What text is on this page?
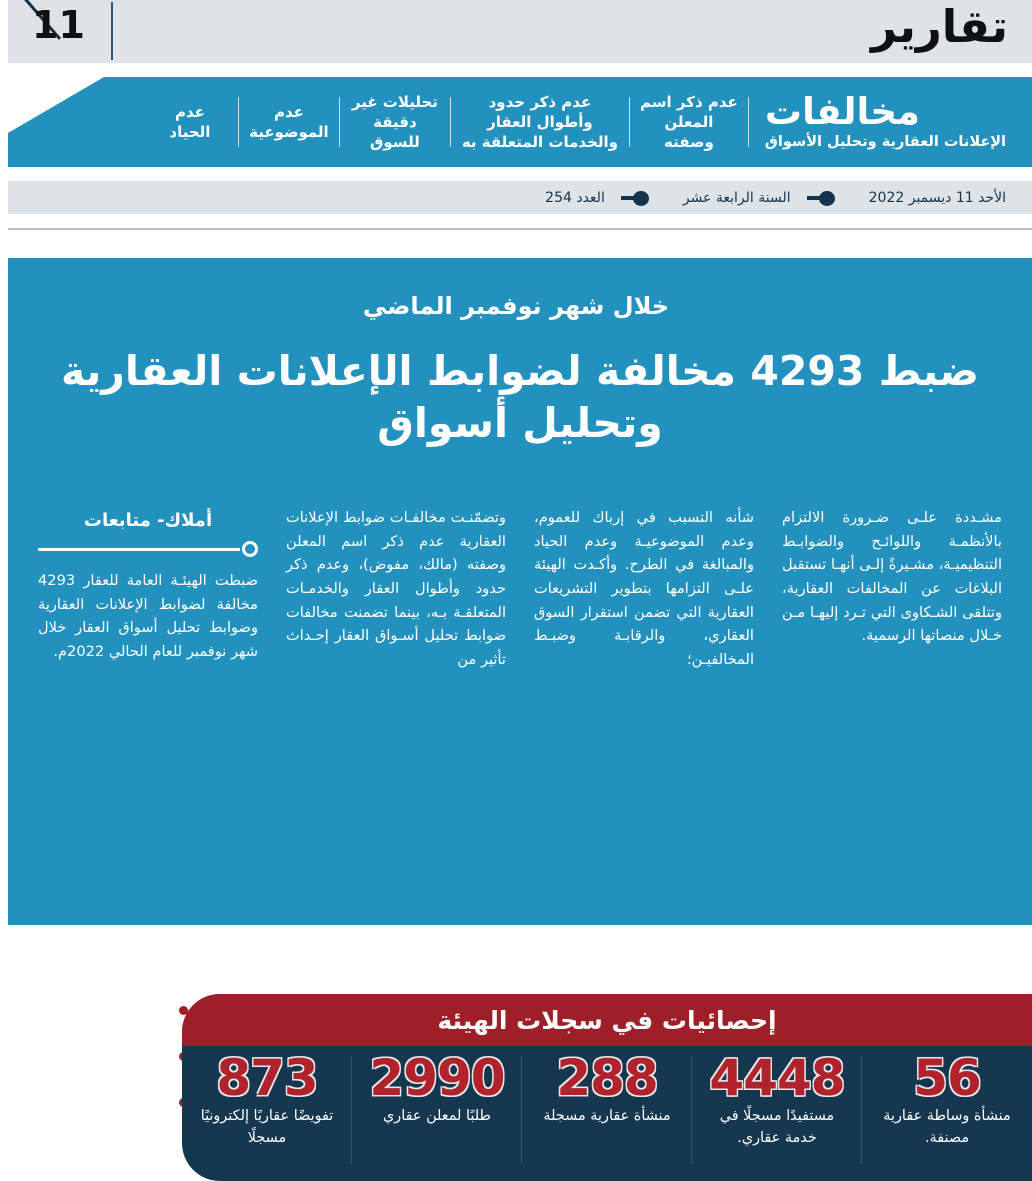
تقارير
11
مخالفات
الإعلانات العقارية وتحليل الأسواق
عدم ذكر اسم المعلن وصفته
عدم ذكر حدود وأطوال العقار والخدمات المتعلقة به
تحليلات غير دقيقة للسوق
عدم الموضوعية
عدم الحياد
الأحد 11 ديسمبر 2022
السنة الرابعة عشر
العدد 254
خلال شهر نوفمبر الماضي
ضبط 4293 مخالفة لضوابط الإعلانات العقارية وتحليل أسواق

مشـددة علـى ضـرورة الالتزام بالأنظمـة واللوائـح والضوابـط التنظيميـة، مشـيرةً إلـى أنهـا تستقبل البلاغات عن المخالفات العقارية، وتتلقى الشـكاوى التي تـرد إليهـا مـن خـلال منصاتها الرسمية.

شأنه التسبب في إرباك للعموم، وعدم الموضوعيـة وعدم الحياد والمبالغة في الطرح. وأكـدت الهيئة علـى التزامها بتطوير التشريعات العقارية التي تضمن استقرار السوق العقاري، والرقابـة وضبـط المخالفيـن؛

وتضمّنـت مخالفـات ضوابط الإعلانات العقارية عدم ذكر اسم المعلن وصفته (مالك، مفوض)، وعدم ذكر حدود وأطوال العقار والخدمـات المتعلقـة بـه، بينما تضمنت مخالفات ضوابط تحليل أسـواق العقار إحـداث تأثير من

أملاك- متابعات

ضبطت الهيئـة العامة للعقار 4293 مخالفة لضوابط الإعلانات العقارية وضوابط تحليل أسواق العقار خلال شهر نوفمبر للعام الحالي 2022م.

2,147 مخالفة تمت معالجتها.
1,892 مخالفة تحت الإجراء.
7 نزاعات عقارية منظورة.
إحصائيات في سجلات الهيئة
56
منشأة وساطة عقارية مصنفة.
4448
مستفيدًا مسجلًا في خدمة عقاري.
288
منشأة عقارية مسجلة
2990
طلبًا لمعلن عقاري
873
تفويضًا عقاريًا إلكترونيًا مسجلًا
